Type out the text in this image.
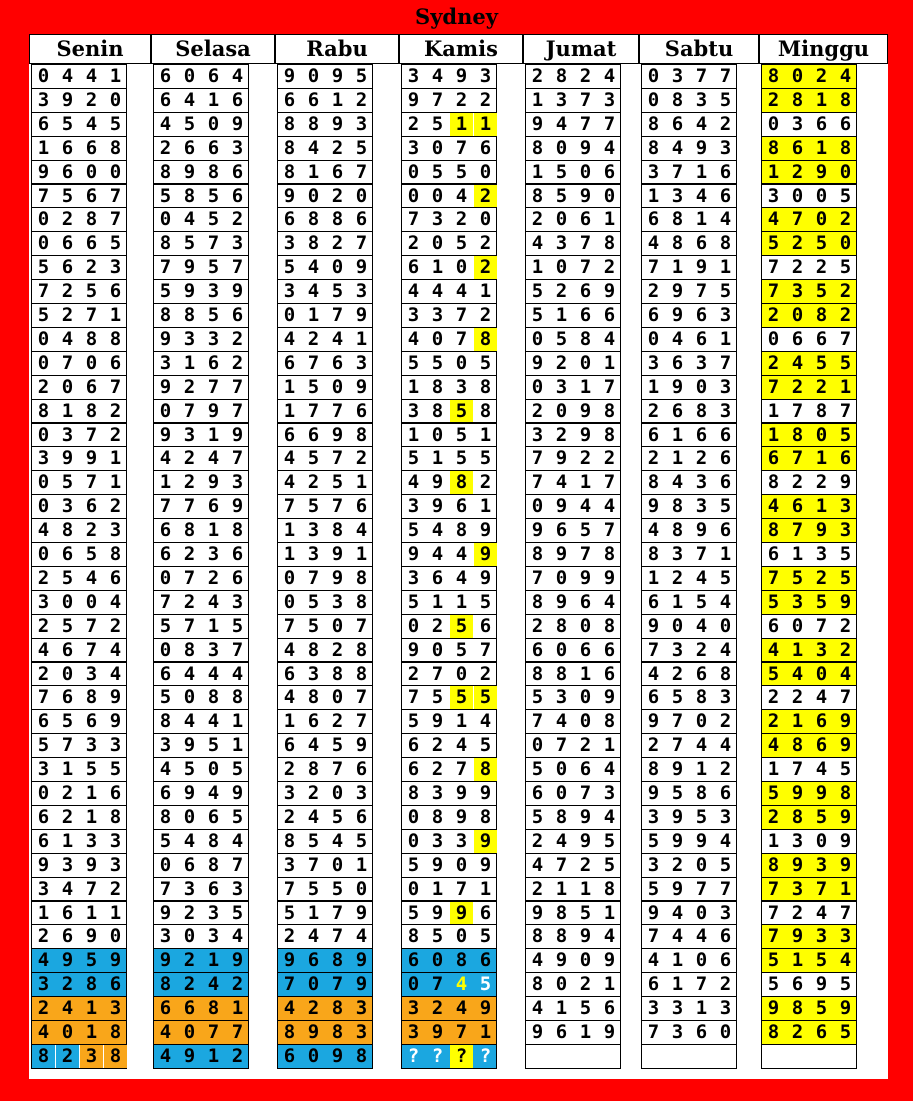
Sydney
Senin	Selasa	Rabu	Kamis	Jumat	Sabtu	Minggu
0 4 4 1	6 0 6 4	9 0 9 5	3 4 9 3	2 8 2 4	0 3 7 7	8 0 2 4
3 9 2 0	6 4 1 6	6 6 1 2	9 7 2 2	1 3 7 3	0 8 3 5	2 8 1 8
6 5 4 5	4 5 0 9	8 8 9 3	2 5 1 1	9 4 7 7	8 6 4 2	0 3 6 6
1 6 6 8	2 6 6 3	8 4 2 5	3 0 7 6	8 0 9 4	8 4 9 3	8 6 1 8
9 6 0 0	8 9 8 6	8 1 6 7	0 5 5 0	1 5 0 6	3 7 1 6	1 2 9 0
7 5 6 7	5 8 5 6	9 0 2 0	0 0 4 2	8 5 9 0	1 3 4 6	3 0 0 5
0 2 8 7	0 4 5 2	6 8 8 6	7 3 2 0	2 0 6 1	6 8 1 4	4 7 0 2
0 6 6 5	8 5 7 3	3 8 2 7	2 0 5 2	4 3 7 8	4 8 6 8	5 2 5 0
5 6 2 3	7 9 5 7	5 4 0 9	6 1 0 2	1 0 7 2	7 1 9 1	7 2 2 5
7 2 5 6	5 9 3 9	3 4 5 3	4 4 4 1	5 2 6 9	2 9 7 5	7 3 5 2
5 2 7 1	8 8 5 6	0 1 7 9	3 3 7 2	5 1 6 6	6 9 6 3	2 0 8 2
0 4 8 8	9 3 3 2	4 2 4 1	4 0 7 8	0 5 8 4	0 4 6 1	0 6 6 7
0 7 0 6	3 1 6 2	6 7 6 3	5 5 0 5	9 2 0 1	3 6 3 7	2 4 5 5
2 0 6 7	9 2 7 7	1 5 0 9	1 8 3 8	0 3 1 7	1 9 0 3	7 2 2 1
8 1 8 2	0 7 9 7	1 7 7 6	3 8 5 8	2 0 9 8	2 6 8 3	1 7 8 7
0 3 7 2	9 3 1 9	6 6 9 8	1 0 5 1	3 2 9 8	6 1 6 6	1 8 0 5
3 9 9 1	4 2 4 7	4 5 7 2	5 1 5 5	7 9 2 2	2 1 2 6	6 7 1 6
0 5 7 1	1 2 9 3	4 2 5 1	4 9 8 2	7 4 1 7	8 4 3 6	8 2 2 9
0 3 6 2	7 7 6 9	7 5 7 6	3 9 6 1	0 9 4 4	9 8 3 5	4 6 1 3
4 8 2 3	6 8 1 8	1 3 8 4	5 4 8 9	9 6 5 7	4 8 9 6	8 7 9 3
0 6 5 8	6 2 3 6	1 3 9 1	9 4 4 9	8 9 7 8	8 3 7 1	6 1 3 5
2 5 4 6	0 7 2 6	0 7 9 8	3 6 4 9	7 0 9 9	1 2 4 5	7 5 2 5
3 0 0 4	7 2 4 3	0 5 3 8	5 1 1 5	8 9 6 4	6 1 5 4	5 3 5 9
2 5 7 2	5 7 1 5	7 5 0 7	0 2 5 6	2 8 0 8	9 0 4 0	6 0 7 2
4 6 7 4	0 8 3 7	4 8 2 8	9 0 5 7	6 0 6 6	7 3 2 4	4 1 3 2
2 0 3 4	6 4 4 4	6 3 8 8	2 7 0 2	8 8 1 6	4 2 6 8	5 4 0 4
7 6 8 9	5 0 8 8	4 8 0 7	7 5 5 5	5 3 0 9	6 5 8 3	2 2 4 7
6 5 6 9	8 4 4 1	1 6 2 7	5 9 1 4	7 4 0 8	9 7 0 2	2 1 6 9
5 7 3 3	3 9 5 1	6 4 5 9	6 2 4 5	0 7 2 1	2 7 4 4	4 8 6 9
3 1 5 5	4 5 0 5	2 8 7 6	6 2 7 8	5 0 6 4	8 9 1 2	1 7 4 5
0 2 1 6	6 9 4 9	3 2 0 3	8 3 9 9	6 0 7 3	9 5 8 6	5 9 9 8
6 2 1 8	8 0 6 5	2 4 5 6	0 8 9 8	5 8 9 4	3 9 5 3	2 8 5 9
6 1 3 3	5 4 8 4	8 5 4 5	0 3 3 9	2 4 9 5	5 9 9 4	1 3 0 9
9 3 9 3	0 6 8 7	3 7 0 1	5 9 0 9	4 7 2 5	3 2 0 5	8 9 3 9
3 4 7 2	7 3 6 3	7 5 5 0	0 1 7 1	2 1 1 8	5 9 7 7	7 3 7 1
1 6 1 1	9 2 3 5	5 1 7 9	5 9 9 6	9 8 5 1	9 4 0 3	7 2 4 7
2 6 9 0	3 0 3 4	2 4 7 4	8 5 0 5	8 8 9 4	7 4 4 6	7 9 3 3
4 9 5 9	9 2 1 9	9 6 8 9	6 0 8 6	4 9 0 9	4 1 0 6	5 1 5 4
3 2 8 6	8 2 4 2	7 0 7 9	0 7 4 5	8 0 2 1	6 1 7 2	5 6 9 5
2 4 1 3	6 6 8 1	4 2 8 3	3 2 4 9	4 1 5 6	3 3 1 3	9 8 5 9
4 0 1 8	4 0 7 7	8 9 8 3	3 9 7 1	9 6 1 9	7 3 6 0	8 2 6 5
8 2 3 8	4 9 1 2	6 0 9 8	? ? ? ?
